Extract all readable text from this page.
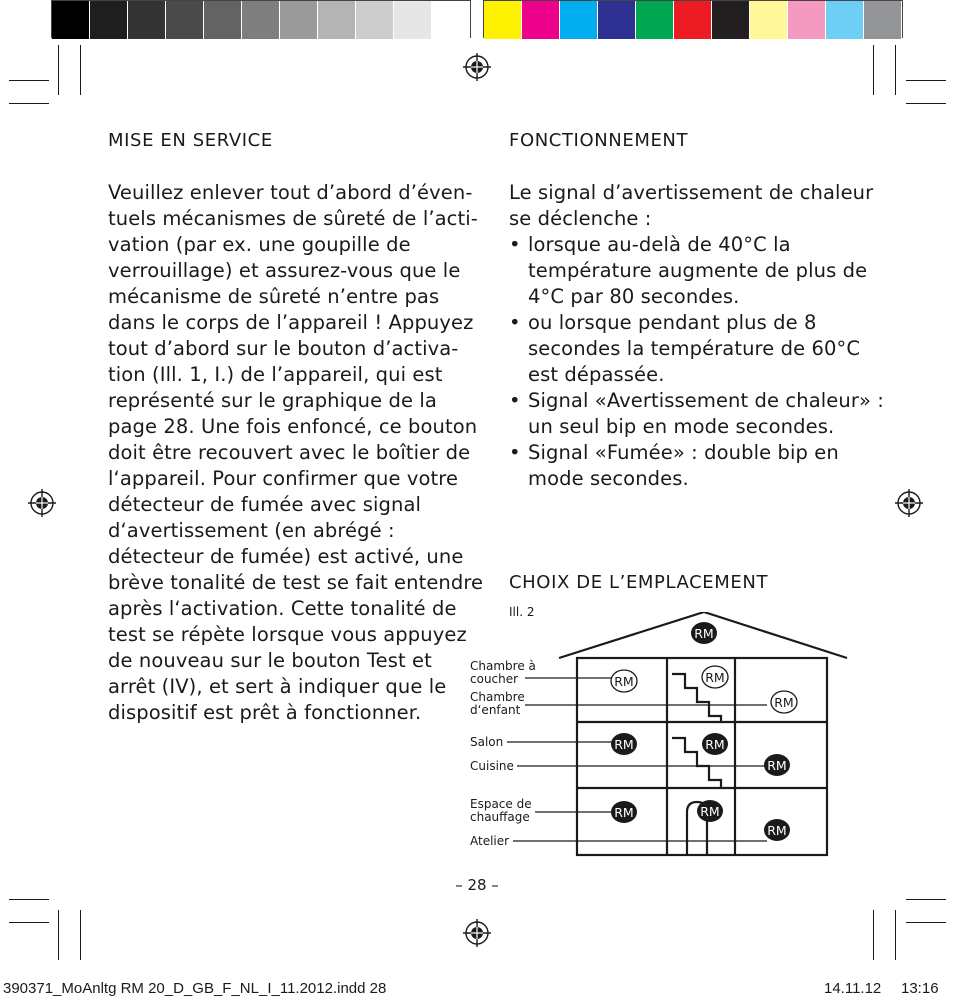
MISE EN SERVICE
Veuillez enlever tout d’abord d’éven-
tuels mécanismes de sûreté de l’acti-
vation (par ex. une goupille de
verrouillage) et assurez-vous que le
mécanisme de sûreté n’entre pas
dans le corps de l’appareil ! Appuyez
tout d’abord sur le bouton d’activa-
tion (Ill. 1, I.) de l’appareil, qui est
représenté sur le graphique de la
page 28. Une fois enfoncé, ce bouton
doit être recouvert avec le boîtier de
l‘appareil. Pour confirmer que votre
détecteur de fumée avec signal
d‘avertissement (en abrégé :
détecteur de fumée) est activé, une
brève tonalité de test se fait entendre
après l‘activation. Cette tonalité de
test se répète lorsque vous appuyez
de nouveau sur le bouton Test et
arrêt (IV), et sert à indiquer que le
dispositif est prêt à fonctionner.
FONCTIONNEMENT
Le signal d’avertissement de chaleur
se déclenche :
• lorsque au-delà de 40°C la
température augmente de plus de
4°C par 80 secondes.
• ou lorsque pendant plus de 8
secondes la température de 60°C
est dépassée.
• Signal «Avertissement de chaleur» :
un seul bip en mode secondes.
• Signal «Fumée» : double bip en
mode secondes.
CHOIX DE L’EMPLACEMENT
Ill. 2
RM
RM	RM
RM
RM	RM
RM
RM	RM
RM
Chambre à
coucher
Chambre
d‘enfant
Salon
Cuisine
Espace de
chauffage
Atelier
– 28 –
390371_MoAnltg RM 20_D_GB_F_NL_I_11.2012.indd 28	14.11.12 13:16
